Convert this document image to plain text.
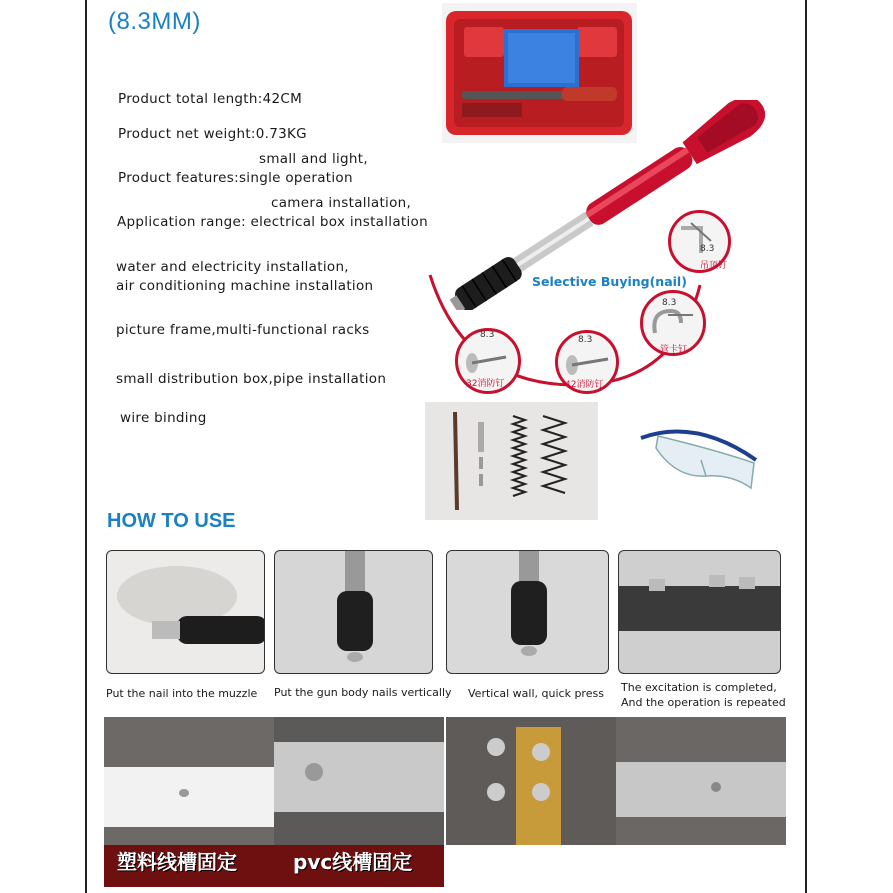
(8.3MM)
Product total length:42CM
Product net weight:0.73KG
small and light,
Product features:single operation
camera installation,
Application range: electrical box installation
water and electricity installation,
air conditioning machine installation
picture frame,multi-functional racks
small distribution box,pipe installation
wire binding
Selective Buying(nail)
8.3
吊顶钉
8.3
管卡钉
8.3
42消防钉
8.3
32消防钉
HOW TO USE
Put the nail into the muzzle Put the gun body nails vertically Vertical wall, quick press The excitation is completed,
And the operation is repeated
塑料线槽固定	pvc线槽固定
